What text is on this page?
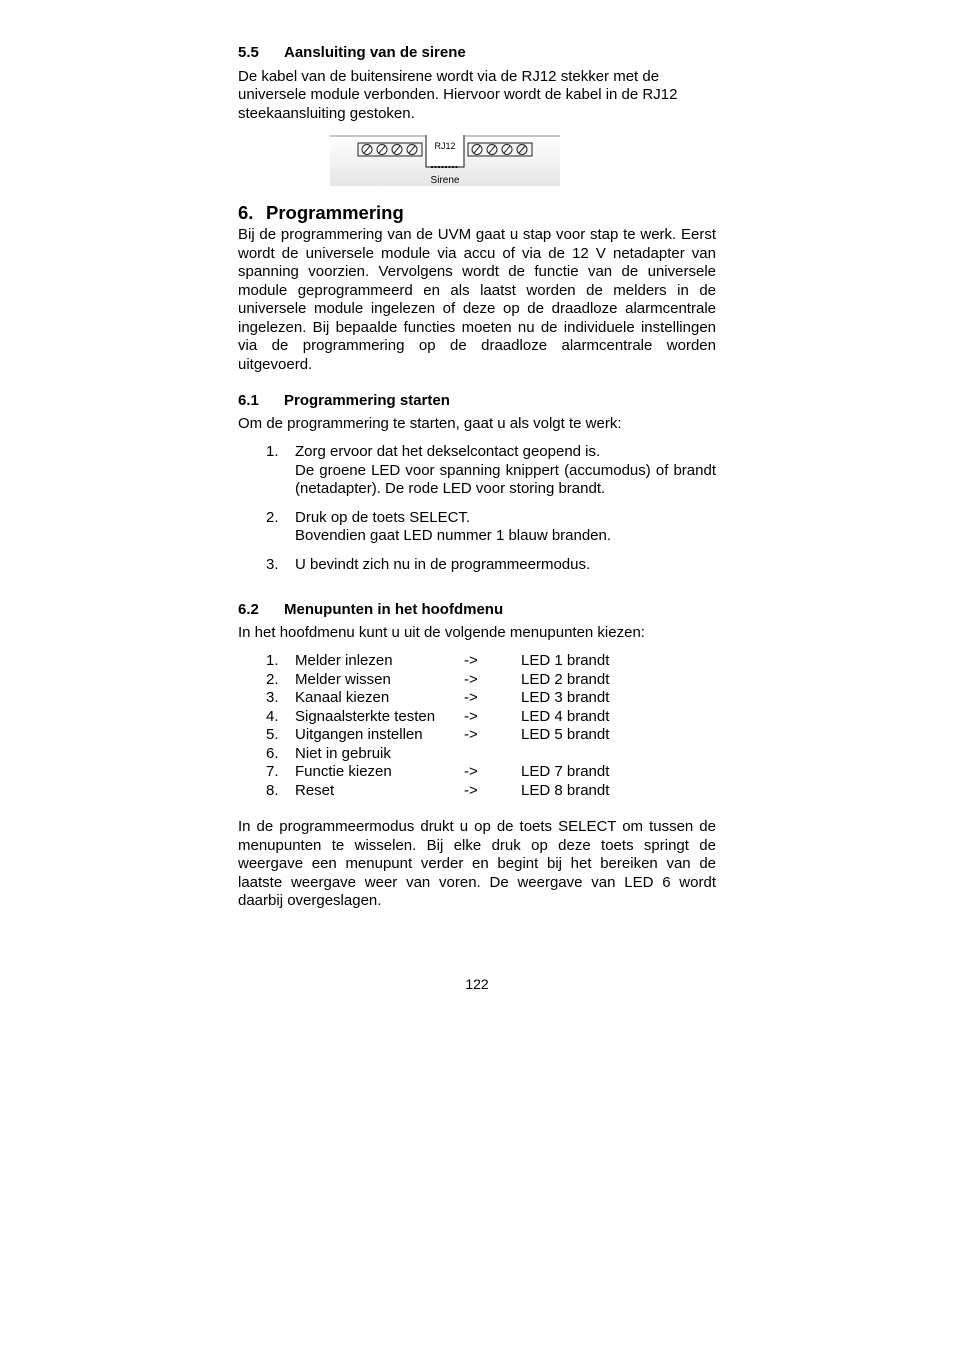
5.5	Aansluiting van de sirene

De kabel van de buitensirene wordt via de RJ12 stekker met de universele module verbonden. Hiervoor wordt de kabel in de RJ12 steekaansluiting gestoken.

RJ12
Sirene
6. Programmering

Bij de programmering van de UVM gaat u stap voor stap te werk. Eerst wordt de universele module via accu of via de 12 V netadapter van spanning voorzien. Vervolgens wordt de functie van de universele module geprogrammeerd en als laatst worden de melders in de universele module ingelezen of deze op de draadloze alarmcentrale ingelezen. Bij bepaalde functies moeten nu de individuele instellingen via de programmering op de draadloze alarmcentrale worden uitgevoerd.

6.1	Programmering starten

Om de programmering te starten, gaat u als volgt te werk:

1.	Zorg ervoor dat het dekselcontact geopend is.
De groene LED voor spanning knippert (accumodus) of brandt (netadapter). De rode LED voor storing brandt.
2.	Druk op de toets SELECT.
Bovendien gaat LED nummer 1 blauw branden.
3.	U bevindt zich nu in de programmeermodus.
6.2	Menupunten in het hoofdmenu

In het hoofdmenu kunt u uit de volgende menupunten kiezen:

1.	Melder inlezen	->	LED 1 brandt
2.	Melder wissen	->	LED 2 brandt
3.	Kanaal kiezen	->	LED 3 brandt
4.	Signaalsterkte testen	->	LED 4 brandt
5.	Uitgangen instellen	->	LED 5 brandt
6.	Niet in gebruik
7.	Functie kiezen	->	LED 7 brandt
8.	Reset	->	LED 8 brandt

In de programmeermodus drukt u op de toets SELECT om tussen de menupunten te wisselen. Bij elke druk op deze toets springt de weergave een menupunt verder en begint bij het bereiken van de laatste weergave weer van voren. De weergave van LED 6 wordt daarbij overgeslagen.

122
